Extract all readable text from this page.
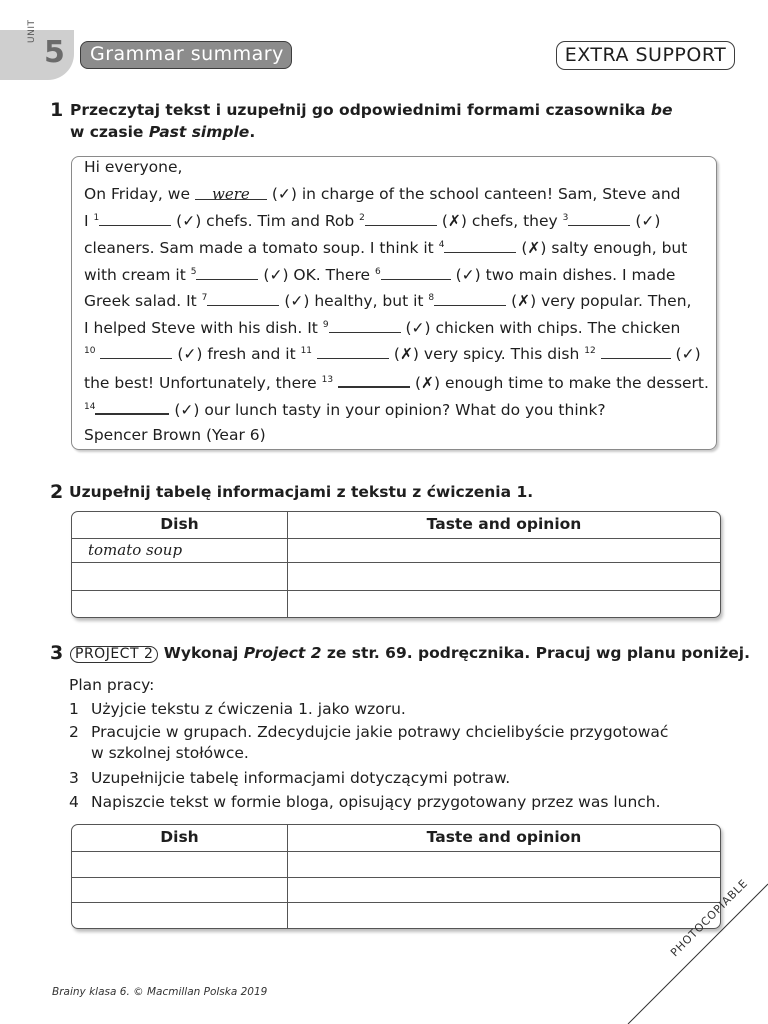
UNIT
5	Grammar summary	EXTRA SUPPORT
1 Przeczytaj tekst i uzupełnij go odpowiednimi formami czasownika be
w czasie Past simple.
Hi everyone,
On Friday, we were (✓) in charge of the school canteen! Sam, Steve and
I $^1$	(✓) chefs. Tim and Rob $^2$	(✗) chefs, they $^3$	(✓)
cleaners. Sam made a tomato soup. I think it $^4$	(✗) salty enough, but
with cream it $^5$	(✓) OK. There $^6$	(✓) two main dishes. I made
Greek salad. It $^7$	(✓) healthy, but it $^8$	(✗) very popular. Then,
I helped Steve with his dish. It $^9$	(✓) chicken with chips. The chicken
$^{10}$	(✓) fresh and it $^{11}$	(✗) very spicy. This dish $^{12}$	(✓)
the best! Unfortunately, there $^{13}$	(✗) enough time to make the dessert.
$^{14}$	(✓) our lunch tasty in your opinion? What do you think?
Spencer Brown (Year 6)
2 Uzupełnij tabelę informacjami z tekstu z ćwiczenia 1.
Dish	Taste and opinion
tomato soup
3 PROJECT 2 Wykonaj Project 2 ze str. 69. podręcznika. Pracuj wg planu poniżej.
Plan pracy:
1 Użyjcie tekstu z ćwiczenia 1. jako wzoru.
2 Pracujcie w grupach. Zdecydujcie jakie potrawy chcielibyście przygotować
w szkolnej stołówce.
3 Uzupełnijcie tabelę informacjami dotyczącymi potraw.
4 Napiszcie tekst w formie bloga, opisujący przygotowany przez was lunch.
Dish	Taste and opinion
Brainy klasa 6. © Macmillan Polska 2019
PHOTOCOPIABLE
